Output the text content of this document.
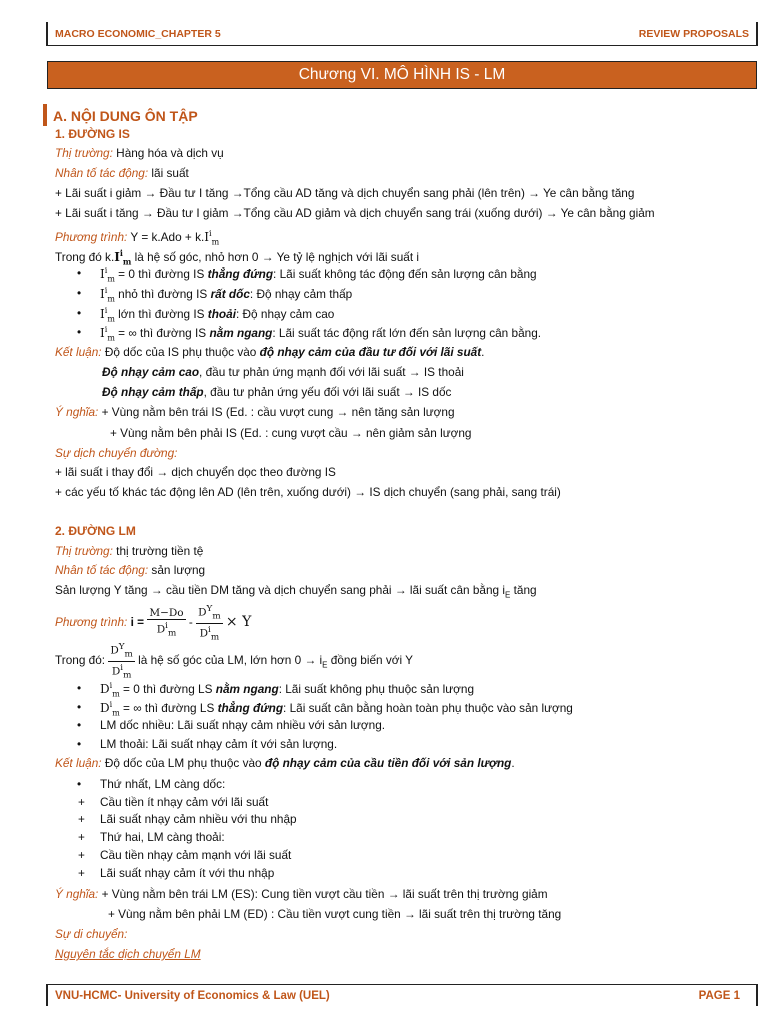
MACRO ECONOMIC_CHAPTER 5	REVIEW PROPOSALS
Chương VI. MÔ HÌNH IS - LM
A. NỘI DUNG ÔN TẬP
1. ĐƯỜNG IS
Thị trường: Hàng hóa và dịch vụ
Nhân tố tác động: lãi suất
+ Lãi suất i giảm → Đầu tư I tăng →Tổng cầu AD tăng và dịch chuyển sang phải (lên trên) → Ye cân bằng tăng
+ Lãi suất i tăng → Đầu tư I giảm →Tổng cầu AD giảm và dịch chuyển sang trái (xuống dưới) → Ye cân bằng giảm
Phương trình: $Y = k.Ado + k.I^i_m$
Trong đó $k.I^i_m$ là hệ số góc, nhỏ hơn 0 → Ye tỷ lệ nghịch với lãi suất i
• $I^i_m = 0$ thì đường IS thẳng đứng: Lãi suất không tác động đến sản lượng cân bằng
• $I^i_m$ nhỏ thì đường IS rất dốc: Độ nhạy cảm thấp
• $I^i_m$ lớn thì đường IS thoải: Độ nhạy cảm cao
• $I^i_m$ = ∞ thì đường IS nằm ngang: Lãi suất tác động rất lớn đến sản lượng cân bằng.
Kết luận: Độ dốc của IS phụ thuộc vào độ nhạy cảm của đầu tư đối với lãi suất.
Độ nhạy cảm cao, đầu tư phản ứng mạnh đối với lãi suất → IS thoải
Độ nhạy cảm thấp, đầu tư phản ứng yếu đối với lãi suất → IS dốc
Ý nghĩa: + Vùng nằm bên trái IS (Ed. : cầu vượt cung → nên tăng sản lượng
+ Vùng nằm bên phải IS (Ed. : cung vượt cầu → nên giảm sản lượng
Sự dịch chuyển đường:
+ lãi suất i thay đổi → dịch chuyển dọc theo đường IS
+ các yếu tố khác tác động lên AD (lên trên, xuống dưới) → IS dịch chuyển (sang phải, sang trái)
2. ĐƯỜNG LM
Thị trường: thị trường tiền tệ
Nhân tố tác động: sản lượng
Sản lượng Y tăng → cầu tiền DM tăng và dịch chuyển sang phải → lãi suất cân bằng $i_E$ tăng
Phương trình: $i = \frac{M-Do}{D^i_m} - \frac{D^Y_m}{D^i_m} \times Y$
Trong đó: $\frac{D^Y_m}{D^i_m}$ là hệ số góc của LM, lớn hơn $0 \to i_E$ đồng biến với Y
• $D^i_m = 0$ thì đường LS nằm ngang: Lãi suất không phụ thuộc sản lượng
• $D^i_m$ = ∞ thì đường LS thẳng đứng: Lãi suất cân bằng hoàn toàn phụ thuộc vào sản lượng
• LM dốc nhiều: Lãi suất nhạy cảm nhiều với sản lượng.
• LM thoải: Lãi suất nhạy cảm ít với sản lượng.
Kết luận: Độ dốc của LM phụ thuộc vào độ nhạy cảm của cầu tiền đối với sản lượng.
• Thứ nhất, LM càng dốc:
+ Cầu tiền ít nhạy cảm với lãi suất
+ Lãi suất nhạy cảm nhiều với thu nhập
+ Thứ hai, LM càng thoải:
+ Cầu tiền nhạy cảm mạnh với lãi suất
+ Lãi suất nhạy cảm ít với thu nhập
Ý nghĩa: + Vùng nằm bên trái LM (ES): Cung tiền vượt cầu tiền → lãi suất trên thị trường giảm
+ Vùng nằm bên phải LM (ED) : Cầu tiền vượt cung tiền → lãi suất trên thị trường tăng
Sự di chuyển:
Nguyên tắc dịch chuyển LM
VNU-HCMC- University of Economics & Law (UEL)	PAGE 1
